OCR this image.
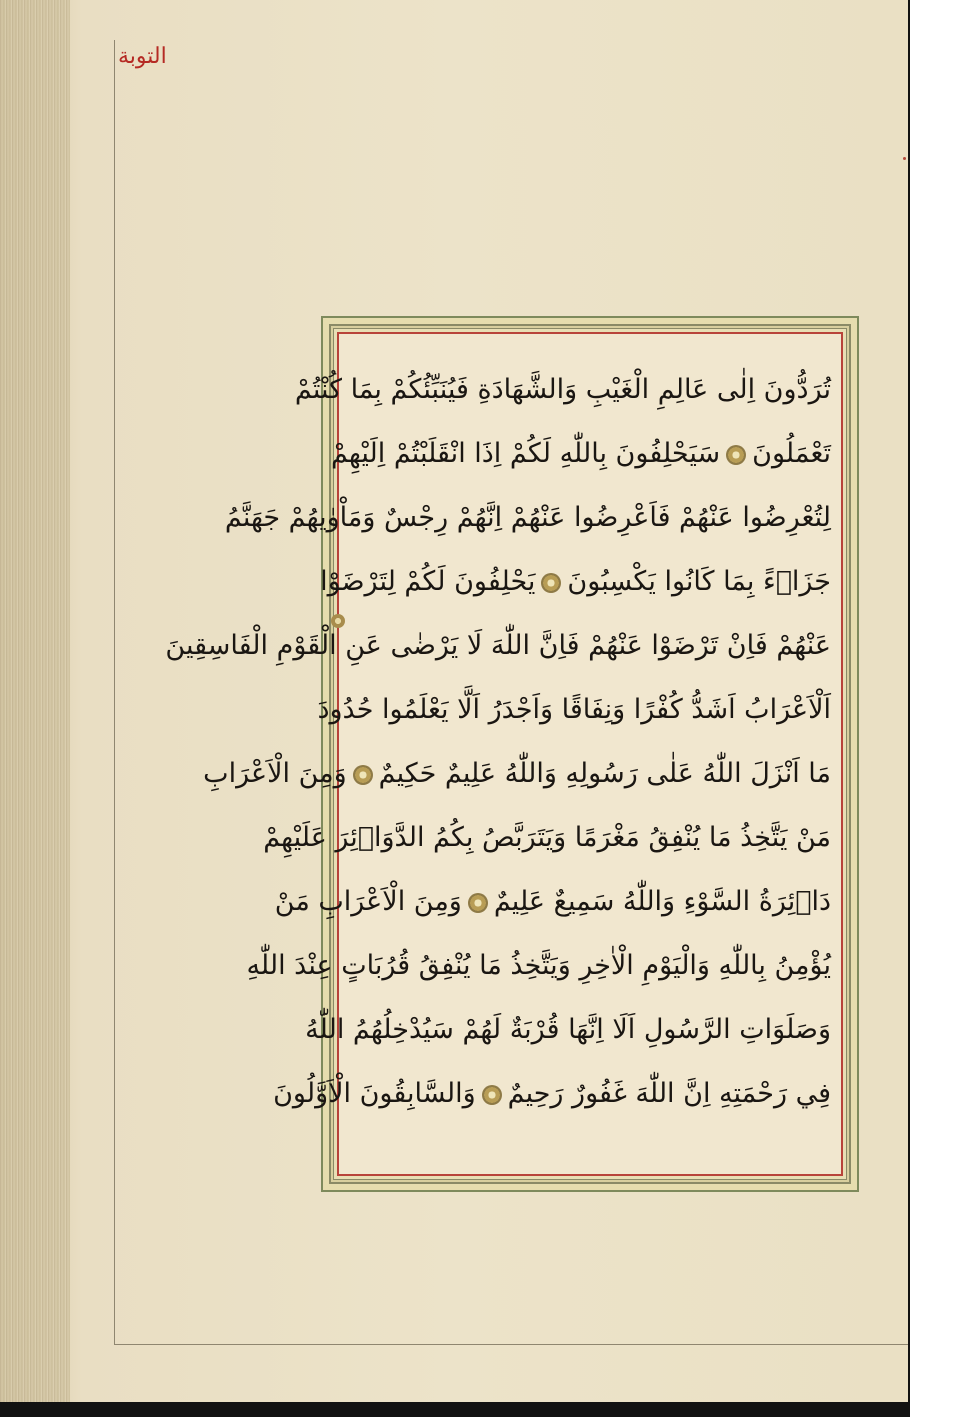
التوبة
تُرَدُّونَ اِلٰى عَالِمِ الْغَيْبِ وَالشَّهَادَةِ فَيُنَبِّئُكُمْ بِمَا كُنْتُمْ
تَعْمَلُونَسَيَحْلِفُونَ بِاللّٰهِ لَكُمْ اِذَا انْقَلَبْتُمْ اِلَيْهِمْ
لِتُعْرِضُوا عَنْهُمْ فَاَعْرِضُوا عَنْهُمْ اِنَّهُمْ رِجْسٌ وَمَاْوٰيهُمْ جَهَنَّمُ
جَزَاۤءً بِمَا كَانُوا يَكْسِبُونَيَحْلِفُونَ لَكُمْ لِتَرْضَوْا
عَنْهُمْ فَاِنْ تَرْضَوْا عَنْهُمْ فَاِنَّ اللّٰهَ لَا يَرْضٰى عَنِ الْقَوْمِ الْفَاسِقِينَ
اَلْاَعْرَابُ اَشَدُّ كُفْرًا وَنِفَاقًا وَاَجْدَرُ اَلَّا يَعْلَمُوا حُدُودَ
مَا اَنْزَلَ اللّٰهُ عَلٰى رَسُولِهِ وَاللّٰهُ عَلِيمٌ حَكِيمٌوَمِنَ الْاَعْرَابِ
مَنْ يَتَّخِذُ مَا يُنْفِقُ مَغْرَمًا وَيَتَرَبَّصُ بِكُمُ الدَّوَاۤئِرَ عَلَيْهِمْ
دَاۤئِرَةُ السَّوْءِ وَاللّٰهُ سَمِيعٌ عَلِيمٌوَمِنَ الْاَعْرَابِ مَنْ
يُؤْمِنُ بِاللّٰهِ وَالْيَوْمِ الْاٰخِرِ وَيَتَّخِذُ مَا يُنْفِقُ قُرُبَاتٍ عِنْدَ اللّٰهِ
وَصَلَوَاتِ الرَّسُولِ اَلَا اِنَّهَا قُرْبَةٌ لَهُمْ سَيُدْخِلُهُمُ اللّٰهُ
فِي رَحْمَتِهِ اِنَّ اللّٰهَ غَفُورٌ رَحِيمٌوَالسَّابِقُونَ الْاَوَّلُونَ
